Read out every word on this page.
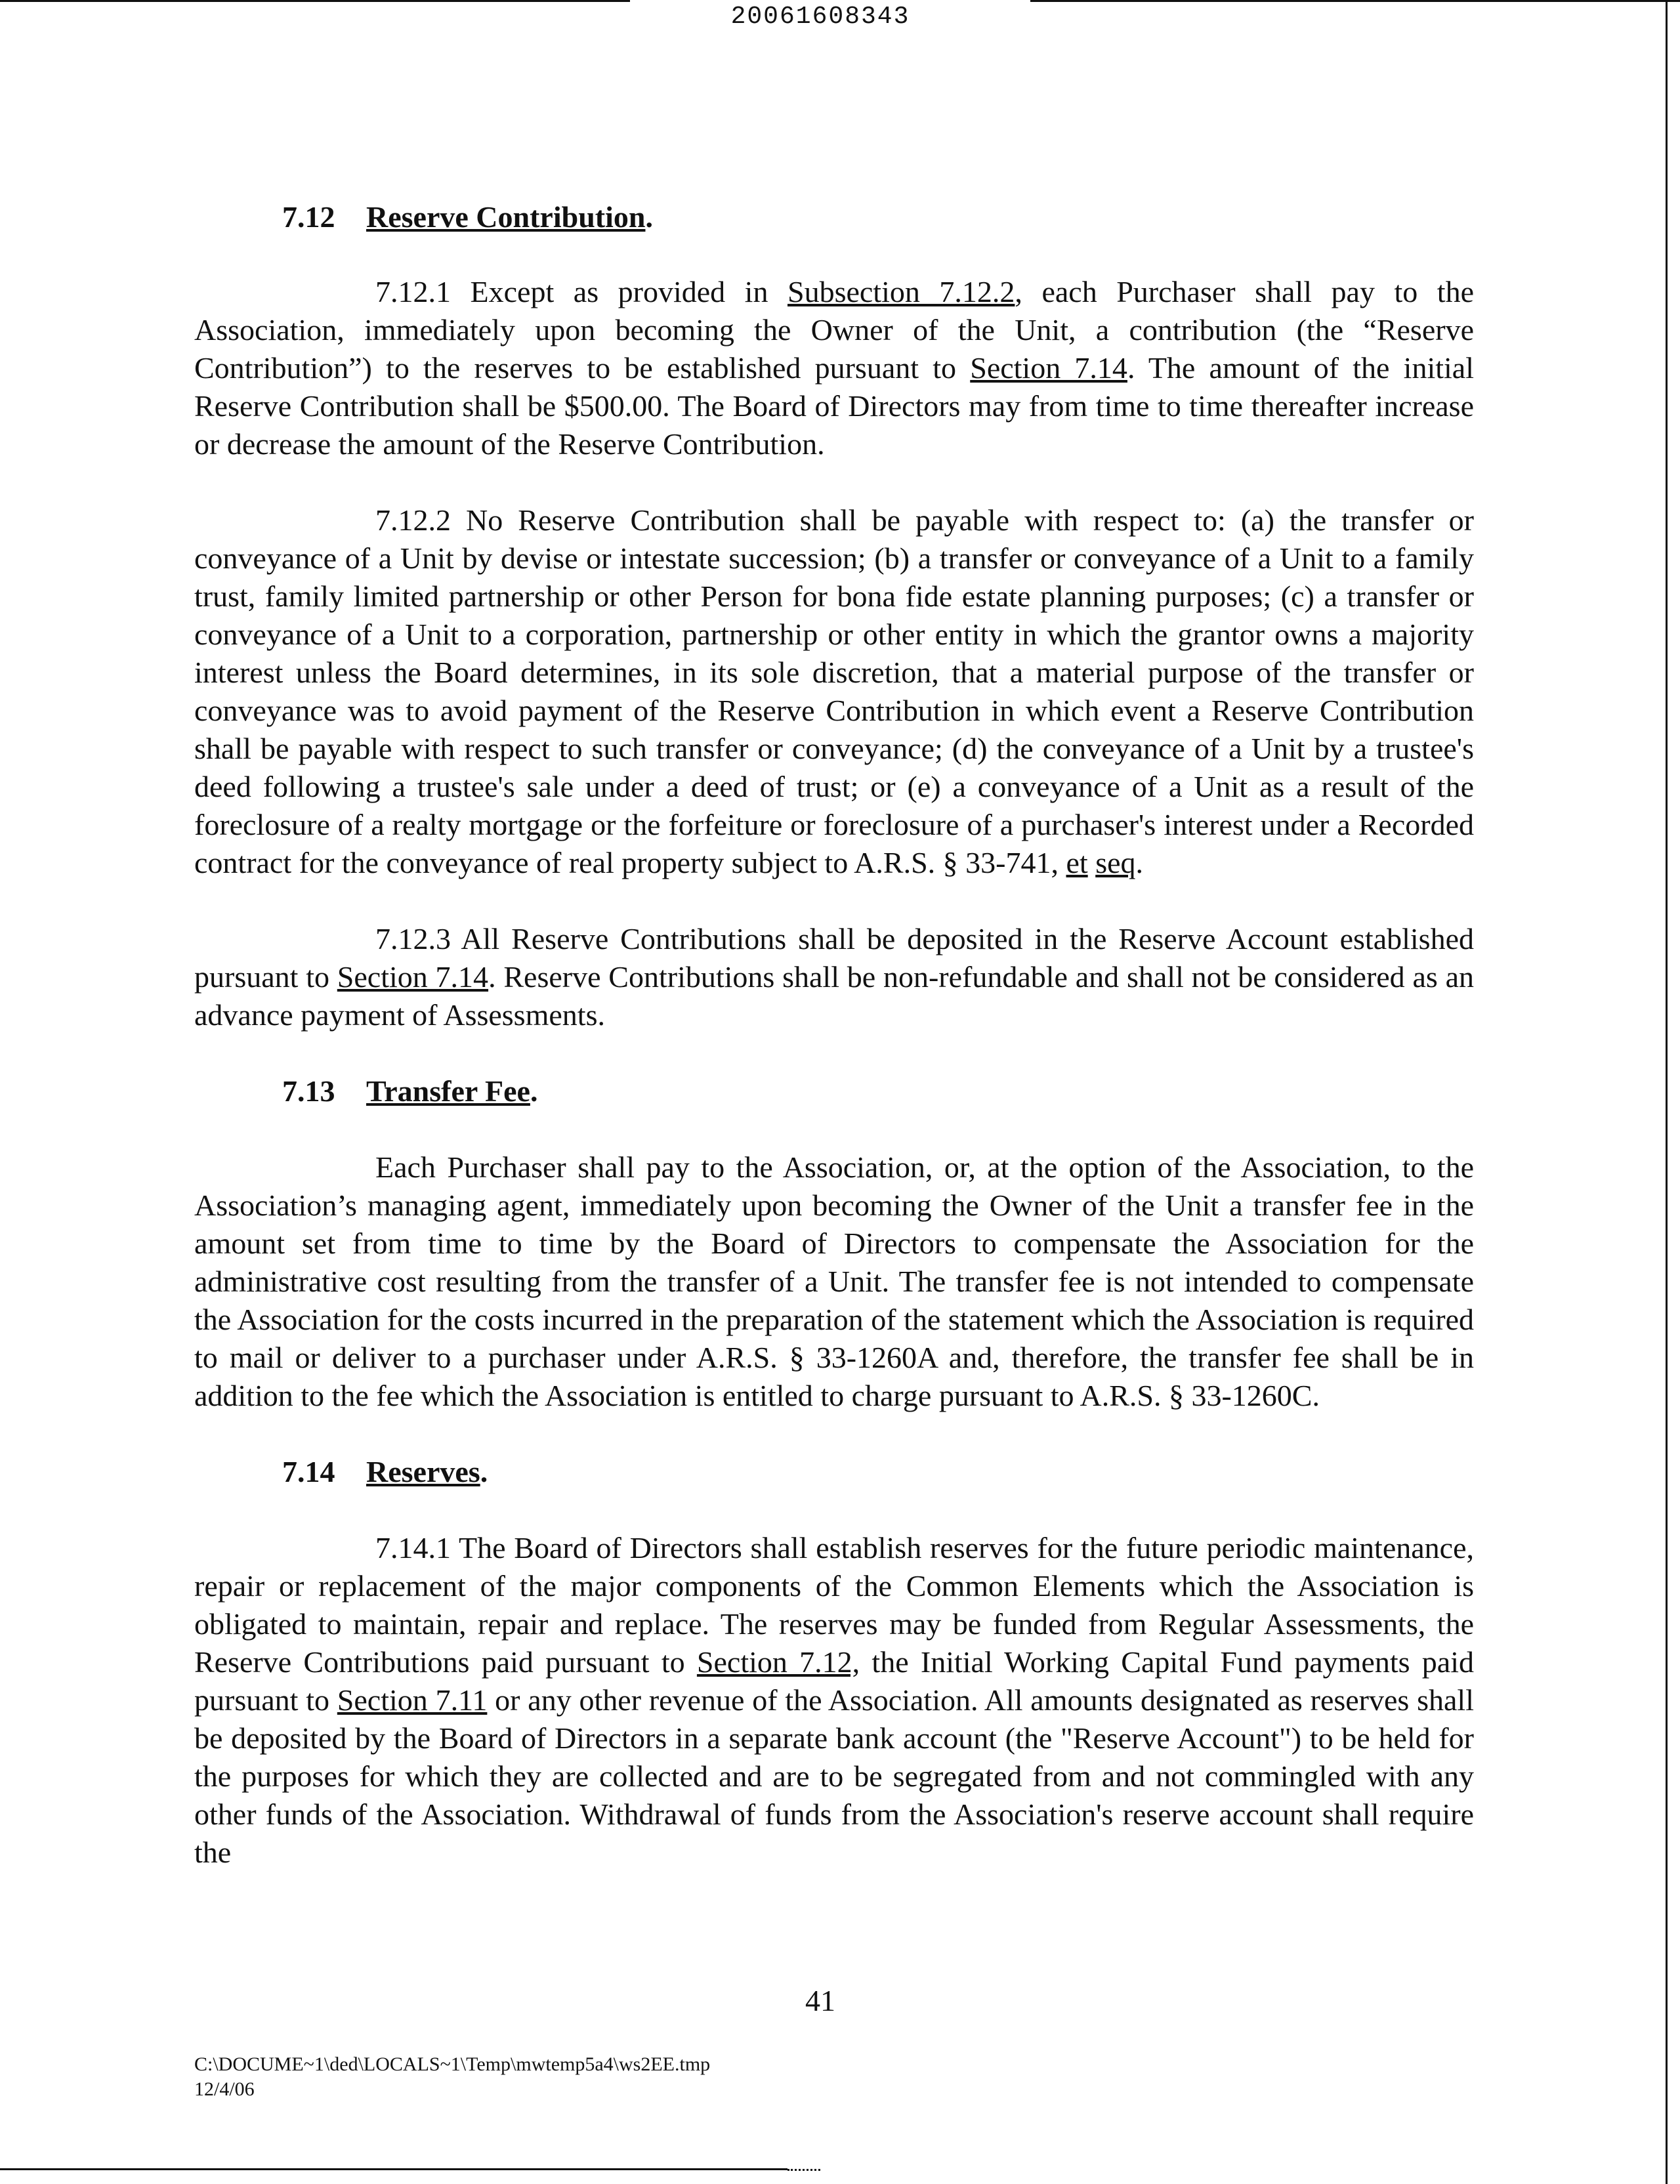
20061608343

7.12 Reserve Contribution.

7.12.1 Except as provided in Subsection 7.12.2, each Purchaser shall pay to the Association, immediately upon becoming the Owner of the Unit, a contribution (the “Reserve Contribution”) to the reserves to be established pursuant to Section 7.14. The amount of the initial Reserve Contribution shall be $500.00. The Board of Directors may from time to time thereafter increase or decrease the amount of the Reserve Contribution.

7.12.2 No Reserve Contribution shall be payable with respect to: (a) the transfer or conveyance of a Unit by devise or intestate succession; (b) a transfer or conveyance of a Unit to a family trust, family limited partnership or other Person for bona fide estate planning purposes; (c) a transfer or conveyance of a Unit to a corporation, partnership or other entity in which the grantor owns a majority interest unless the Board determines, in its sole discretion, that a material purpose of the transfer or conveyance was to avoid payment of the Reserve Contribution in which event a Reserve Contribution shall be payable with respect to such transfer or conveyance; (d) the conveyance of a Unit by a trustee's deed following a trustee's sale under a deed of trust; or (e) a conveyance of a Unit as a result of the foreclosure of a realty mortgage or the forfeiture or foreclosure of a purchaser's interest under a Recorded contract for the conveyance of real property subject to A.R.S. § 33-741, et seq.

7.12.3 All Reserve Contributions shall be deposited in the Reserve Account established pursuant to Section 7.14. Reserve Contributions shall be non-refundable and shall not be considered as an advance payment of Assessments.

7.13 Transfer Fee.

Each Purchaser shall pay to the Association, or, at the option of the Association, to the Association’s managing agent, immediately upon becoming the Owner of the Unit a transfer fee in the amount set from time to time by the Board of Directors to compensate the Association for the administrative cost resulting from the transfer of a Unit. The transfer fee is not intended to compensate the Association for the costs incurred in the preparation of the statement which the Association is required to mail or deliver to a purchaser under A.R.S. § 33-1260A and, therefore, the transfer fee shall be in addition to the fee which the Association is entitled to charge pursuant to A.R.S. § 33-1260C.

7.14 Reserves.

7.14.1 The Board of Directors shall establish reserves for the future periodic maintenance, repair or replacement of the major components of the Common Elements which the Association is obligated to maintain, repair and replace. The reserves may be funded from Regular Assessments, the Reserve Contributions paid pursuant to Section 7.12, the Initial Working Capital Fund payments paid pursuant to Section 7.11 or any other revenue of the Association. All amounts designated as reserves shall be deposited by the Board of Directors in a separate bank account (the "Reserve Account") to be held for the purposes for which they are collected and are to be segregated from and not commingled with any other funds of the Association. Withdrawal of funds from the Association's reserve account shall require the

41
C:\DOCUME~1\ded\LOCALS~1\Temp\mwtemp5a4\ws2EE.tmp
12/4/06
